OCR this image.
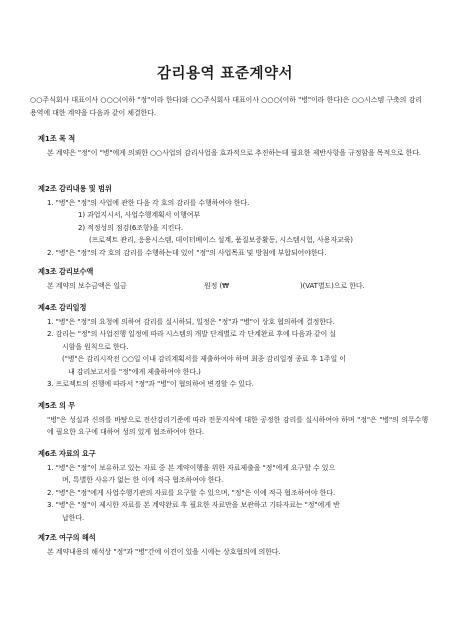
감리용역 표준계약서
○○주식회사 대표이사 ○○○(이하 "정"이라 한다)와 ○○주식회사 대표이사 ○○○(이하 "병"이라 한다)은 ○○시스템 구축의 감리용역에 대한 계약을 다음과 같이 체결한다.
제1조 목 적
본 계약은 "정"이 "병"에게 의뢰한 ○○사업의 감리사업을 효과적으로 추진하는데 필요한 제반사항을 규정함을 목적으로 한다.
제2조 감리내용 및 범위
1. "병"은 "정"의 사업에 관한 다음 각 호의 감리를 수행하여야 한다.
1) 과업지시서, 사업수행계획서 이행여부
2) 적정성의 점검(6조항)을 지킨다.
(프로젝트 관리, 응용시스템, 데이터베이스 설계, 품질보증활동, 시스템시험, 사용자교육)
2. "병"은 "정"의 각 호의 감리를 수행하는데 있어 "정"의 사업목표 및 방침에 부합되어야한다.
제3조 감리보수액
본 계약의 보수금액은 일금	원정 (₩	)(VAT별도)으로 한다.
제4조 감리일정
1. "병"은 "정"의 요청에 의하여 감리를 실시하되, 일정은 "정"과 "병"이 상호 협의하에 결정한다.
2. 감리는 "정"의 사업진행 일정에 따라 시스템의 개발 단계별로 각 단계완료 후에 다음과 같이 실
시함을 원칙으로 한다.
("병"은 감리시작전 ○○일 이내 감리계획서를 제출하여야 하며 최종 감리일정 종료 후 1주일 이
내 감리보고서를 "정"에게 제출하여야 한다.)
3. 프로젝트의 진행에 따라서 "정"과 "병"이 협의하여 변경할 수 있다.
제5조 의 무
"병"은 성실과 신의를 바탕으로 전산감리기준에 따라 전문지식에 대한 공정한 감리를 실시하여야 하며 "정"은 "병"의 의무수행에 필요한 요구에 대하여 성의 있게 협조하여야 한다.
제6조 자료의 요구
1. "병"은 "정"이 보유하고 있는 자료 중 본 계약이행을 위한 자료제출을 "정"에게 요구할 수 있으
며, 특별한 사유가 없는 한 이에 적극 협조하여야 한다.
2. "병"은 "정"에게 사업수행기관의 자료를 요구할 수 있으며, "정"은 이에 적극 협조하여야 한다.
3. "병"은 "정"이 제시한 자료를 본 계약완료 후 필요한 자료만을 보관하고 기타자료는 "정"에게 반
납한다.
제7조 여구의 해석
본 계약내용의 해석상 "정"과 "병"간에 이견이 있을 시에는 상호협의에 의한다.
